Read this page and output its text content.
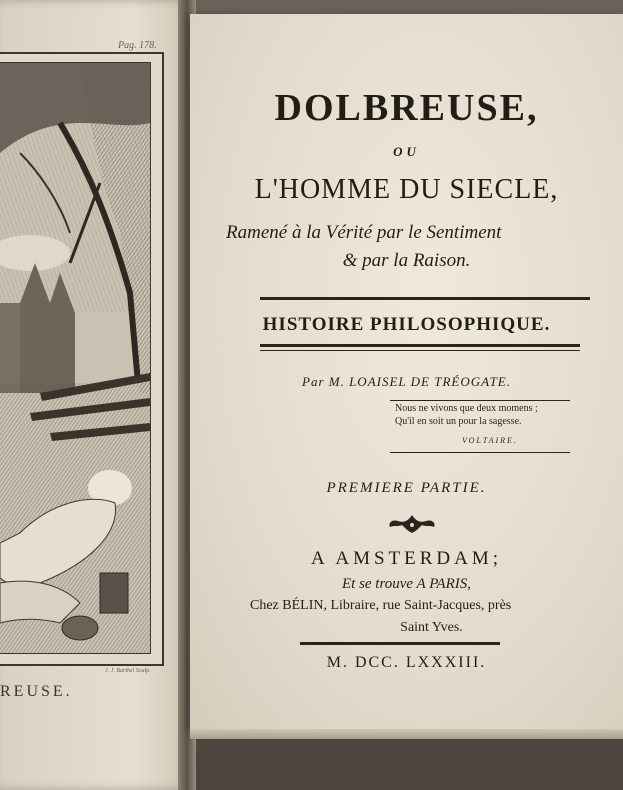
Pag. 178.
J. J. Barthel Sculp.
REUSE.

DOLBREUSE,

OU

L'HOMME DU SIECLE,

Ramené à la Vérité par le Sentiment

& par la Raison.

HISTOIRE PHILOSOPHIQUE.

Par M. LOAISEL DE TRÉOGATE.

Nous ne vivons que deux momens ;
Qu'il en soit un pour la sagesse.
VOLTAIRE.

PREMIERE PARTIE.

A AMSTERDAM;

Et se trouve A PARIS,

Chez BÉLIN, Libraire, rue Saint-Jacques, près

Saint Yves.

M. DCC. LXXXIII.
